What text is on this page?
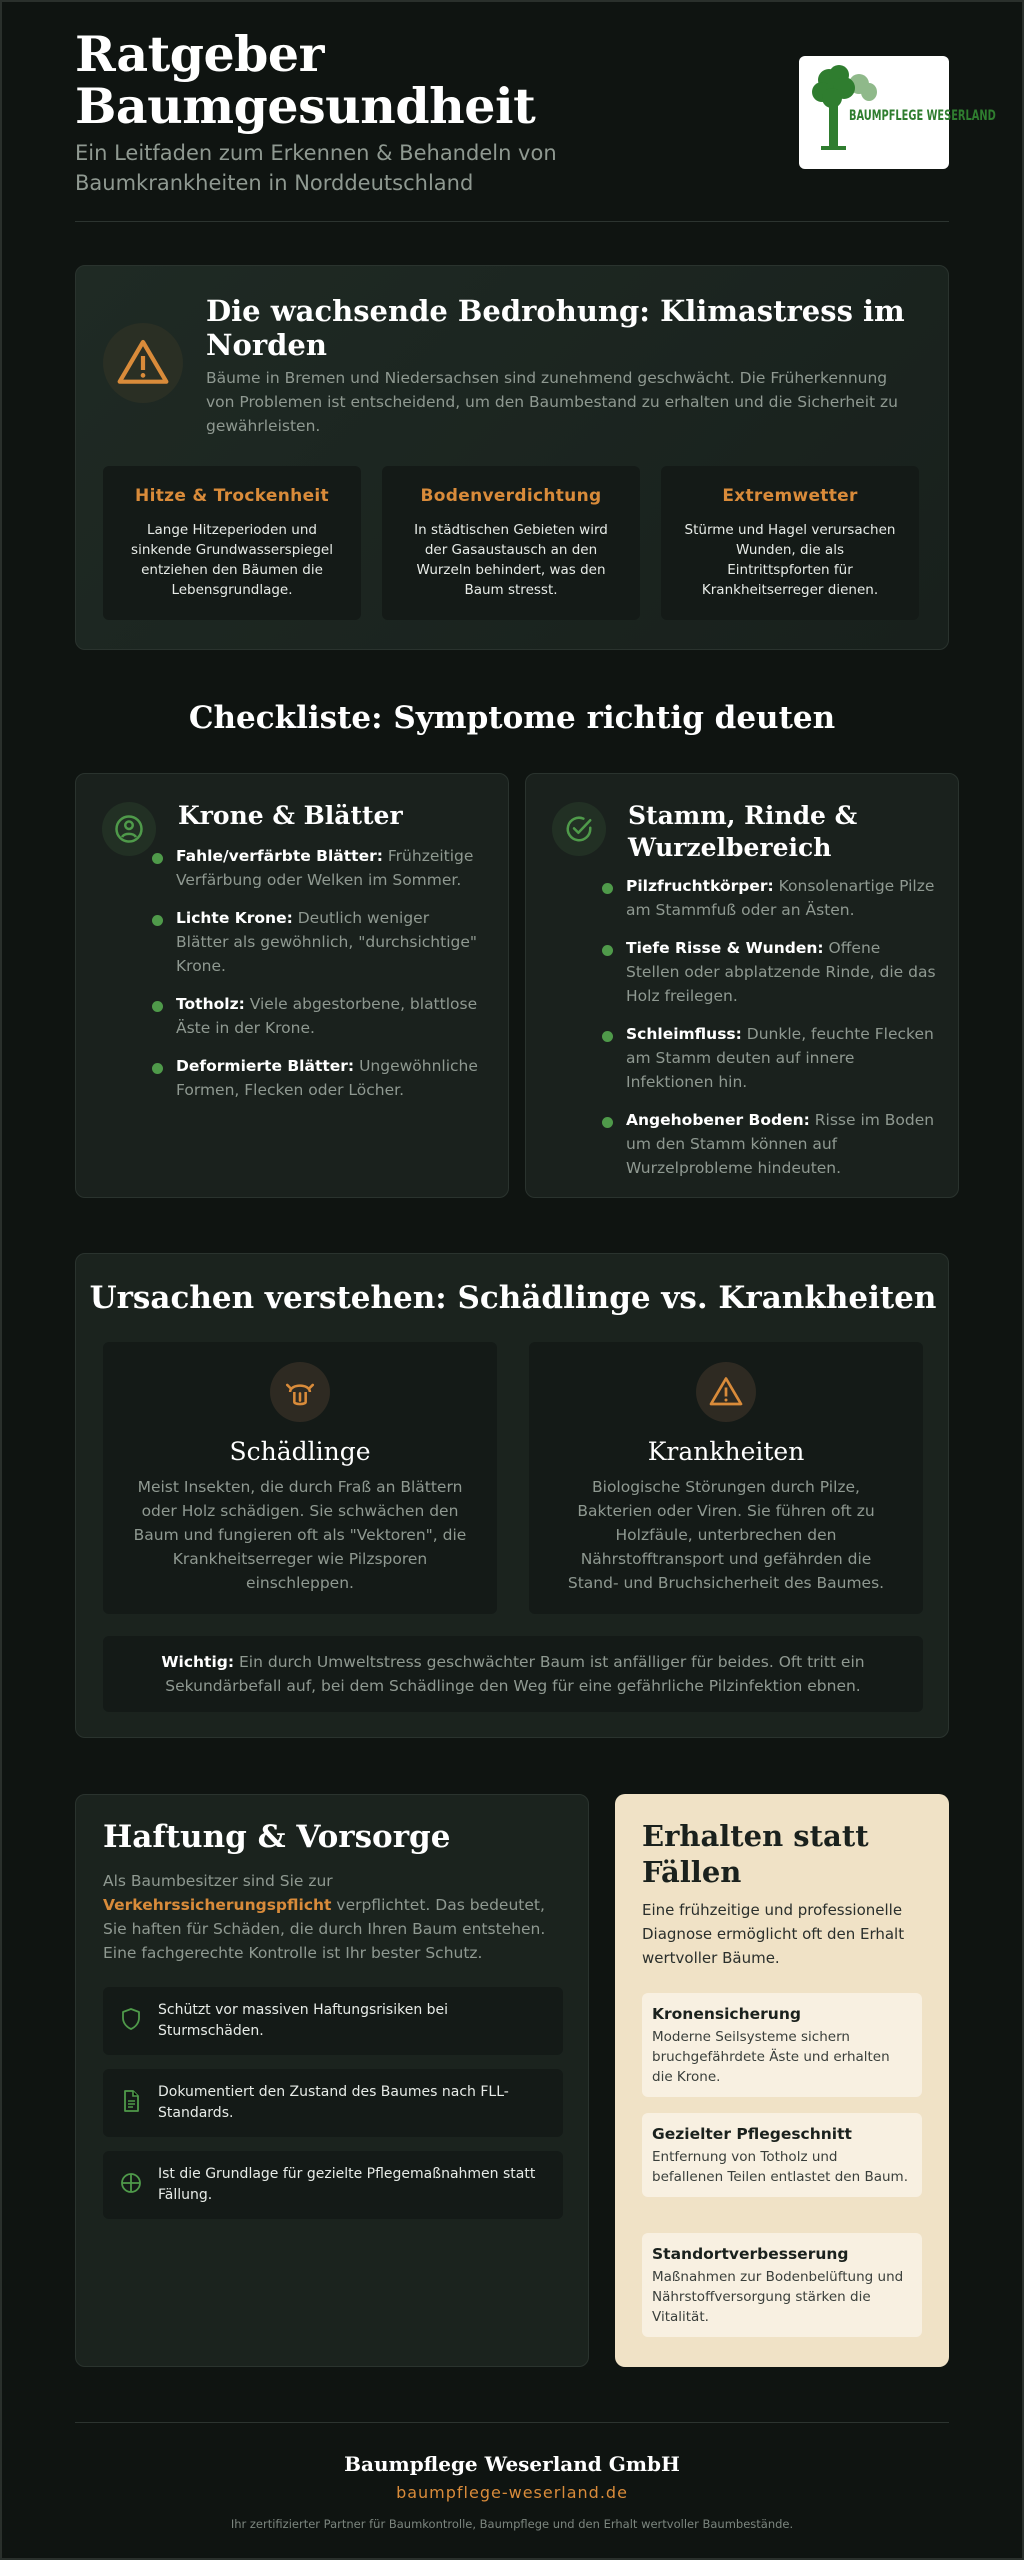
Ratgeber Baumgesundheit

Ein Leitfaden zum Erkennen & Behandeln von Baumkrankheiten in Norddeutschland

BAUMPFLEGE WESERLAND
Die wachsende Bedrohung: Klimastress im Norden

Bäume in Bremen und Niedersachsen sind zunehmend geschwächt. Die Früherkennung von Problemen ist entscheidend, um den Baumbestand zu erhalten und die Sicherheit zu gewährleisten.

Hitze & Trockenheit

Lange Hitzeperioden und sinkende Grundwasserspiegel entziehen den Bäumen die Lebensgrundlage.

Bodenverdichtung

In städtischen Gebieten wird der Gasaustausch an den Wurzeln behindert, was den Baum stresst.

Extremwetter

Stürme und Hagel verursachen Wunden, die als Eintrittspforten für Krankheitserreger dienen.

Checkliste: Symptome richtig deuten
Krone & Blätter
Fahle/verfärbte Blätter: Frühzeitige Verfärbung oder Welken im Sommer.
Lichte Krone: Deutlich weniger Blätter als gewöhnlich, "durchsichtige" Krone.
Totholz: Viele abgestorbene, blattlose Äste in der Krone.
Deformierte Blätter: Ungewöhnliche Formen, Flecken oder Löcher.
Stamm, Rinde & Wurzelbereich
Pilzfruchtkörper: Konsolenartige Pilze am Stammfuß oder an Ästen.
Tiefe Risse & Wunden: Offene Stellen oder abplatzende Rinde, die das Holz freilegen.
Schleimfluss: Dunkle, feuchte Flecken am Stamm deuten auf innere Infektionen hin.
Angehobener Boden: Risse im Boden um den Stamm können auf Wurzelprobleme hindeuten.
Ursachen verstehen: Schädlinge vs. Krankheiten
Schädlinge

Meist Insekten, die durch Fraß an Blättern oder Holz schädigen. Sie schwächen den Baum und fungieren oft als "Vektoren", die Krankheitserreger wie Pilzsporen einschleppen.

Krankheiten

Biologische Störungen durch Pilze, Bakterien oder Viren. Sie führen oft zu Holzfäule, unterbrechen den Nährstofftransport und gefährden die Stand- und Bruchsicherheit des Baumes.

Wichtig: Ein durch Umweltstress geschwächter Baum ist anfälliger für beides. Oft tritt ein Sekundärbefall auf, bei dem Schädlinge den Weg für eine gefährliche Pilzinfektion ebnen.
Haftung & Vorsorge

Als Baumbesitzer sind Sie zur Verkehrssicherungspflicht verpflichtet. Das bedeutet, Sie haften für Schäden, die durch Ihren Baum entstehen. Eine fachgerechte Kontrolle ist Ihr bester Schutz.

Schützt vor massiven Haftungsrisiken bei Sturmschäden.

Dokumentiert den Zustand des Baumes nach FLL-Standards.

Ist die Grundlage für gezielte Pflegemaßnahmen statt Fällung.

Erhalten statt Fällen

Eine frühzeitige und professionelle Diagnose ermöglicht oft den Erhalt wertvoller Bäume.

Kronensicherung

Moderne Seilsysteme sichern bruchgefährdete Äste und erhalten die Krone.

Gezielter Pflegeschnitt

Entfernung von Totholz und befallenen Teilen entlastet den Baum.

Standortverbesserung

Maßnahmen zur Bodenbelüftung und Nährstoffversorgung stärken die Vitalität.

Baumpflege Weserland GmbH
baumpflege-weserland.de
Ihr zertifizierter Partner für Baumkontrolle, Baumpflege und den Erhalt wertvoller Baumbestände.
